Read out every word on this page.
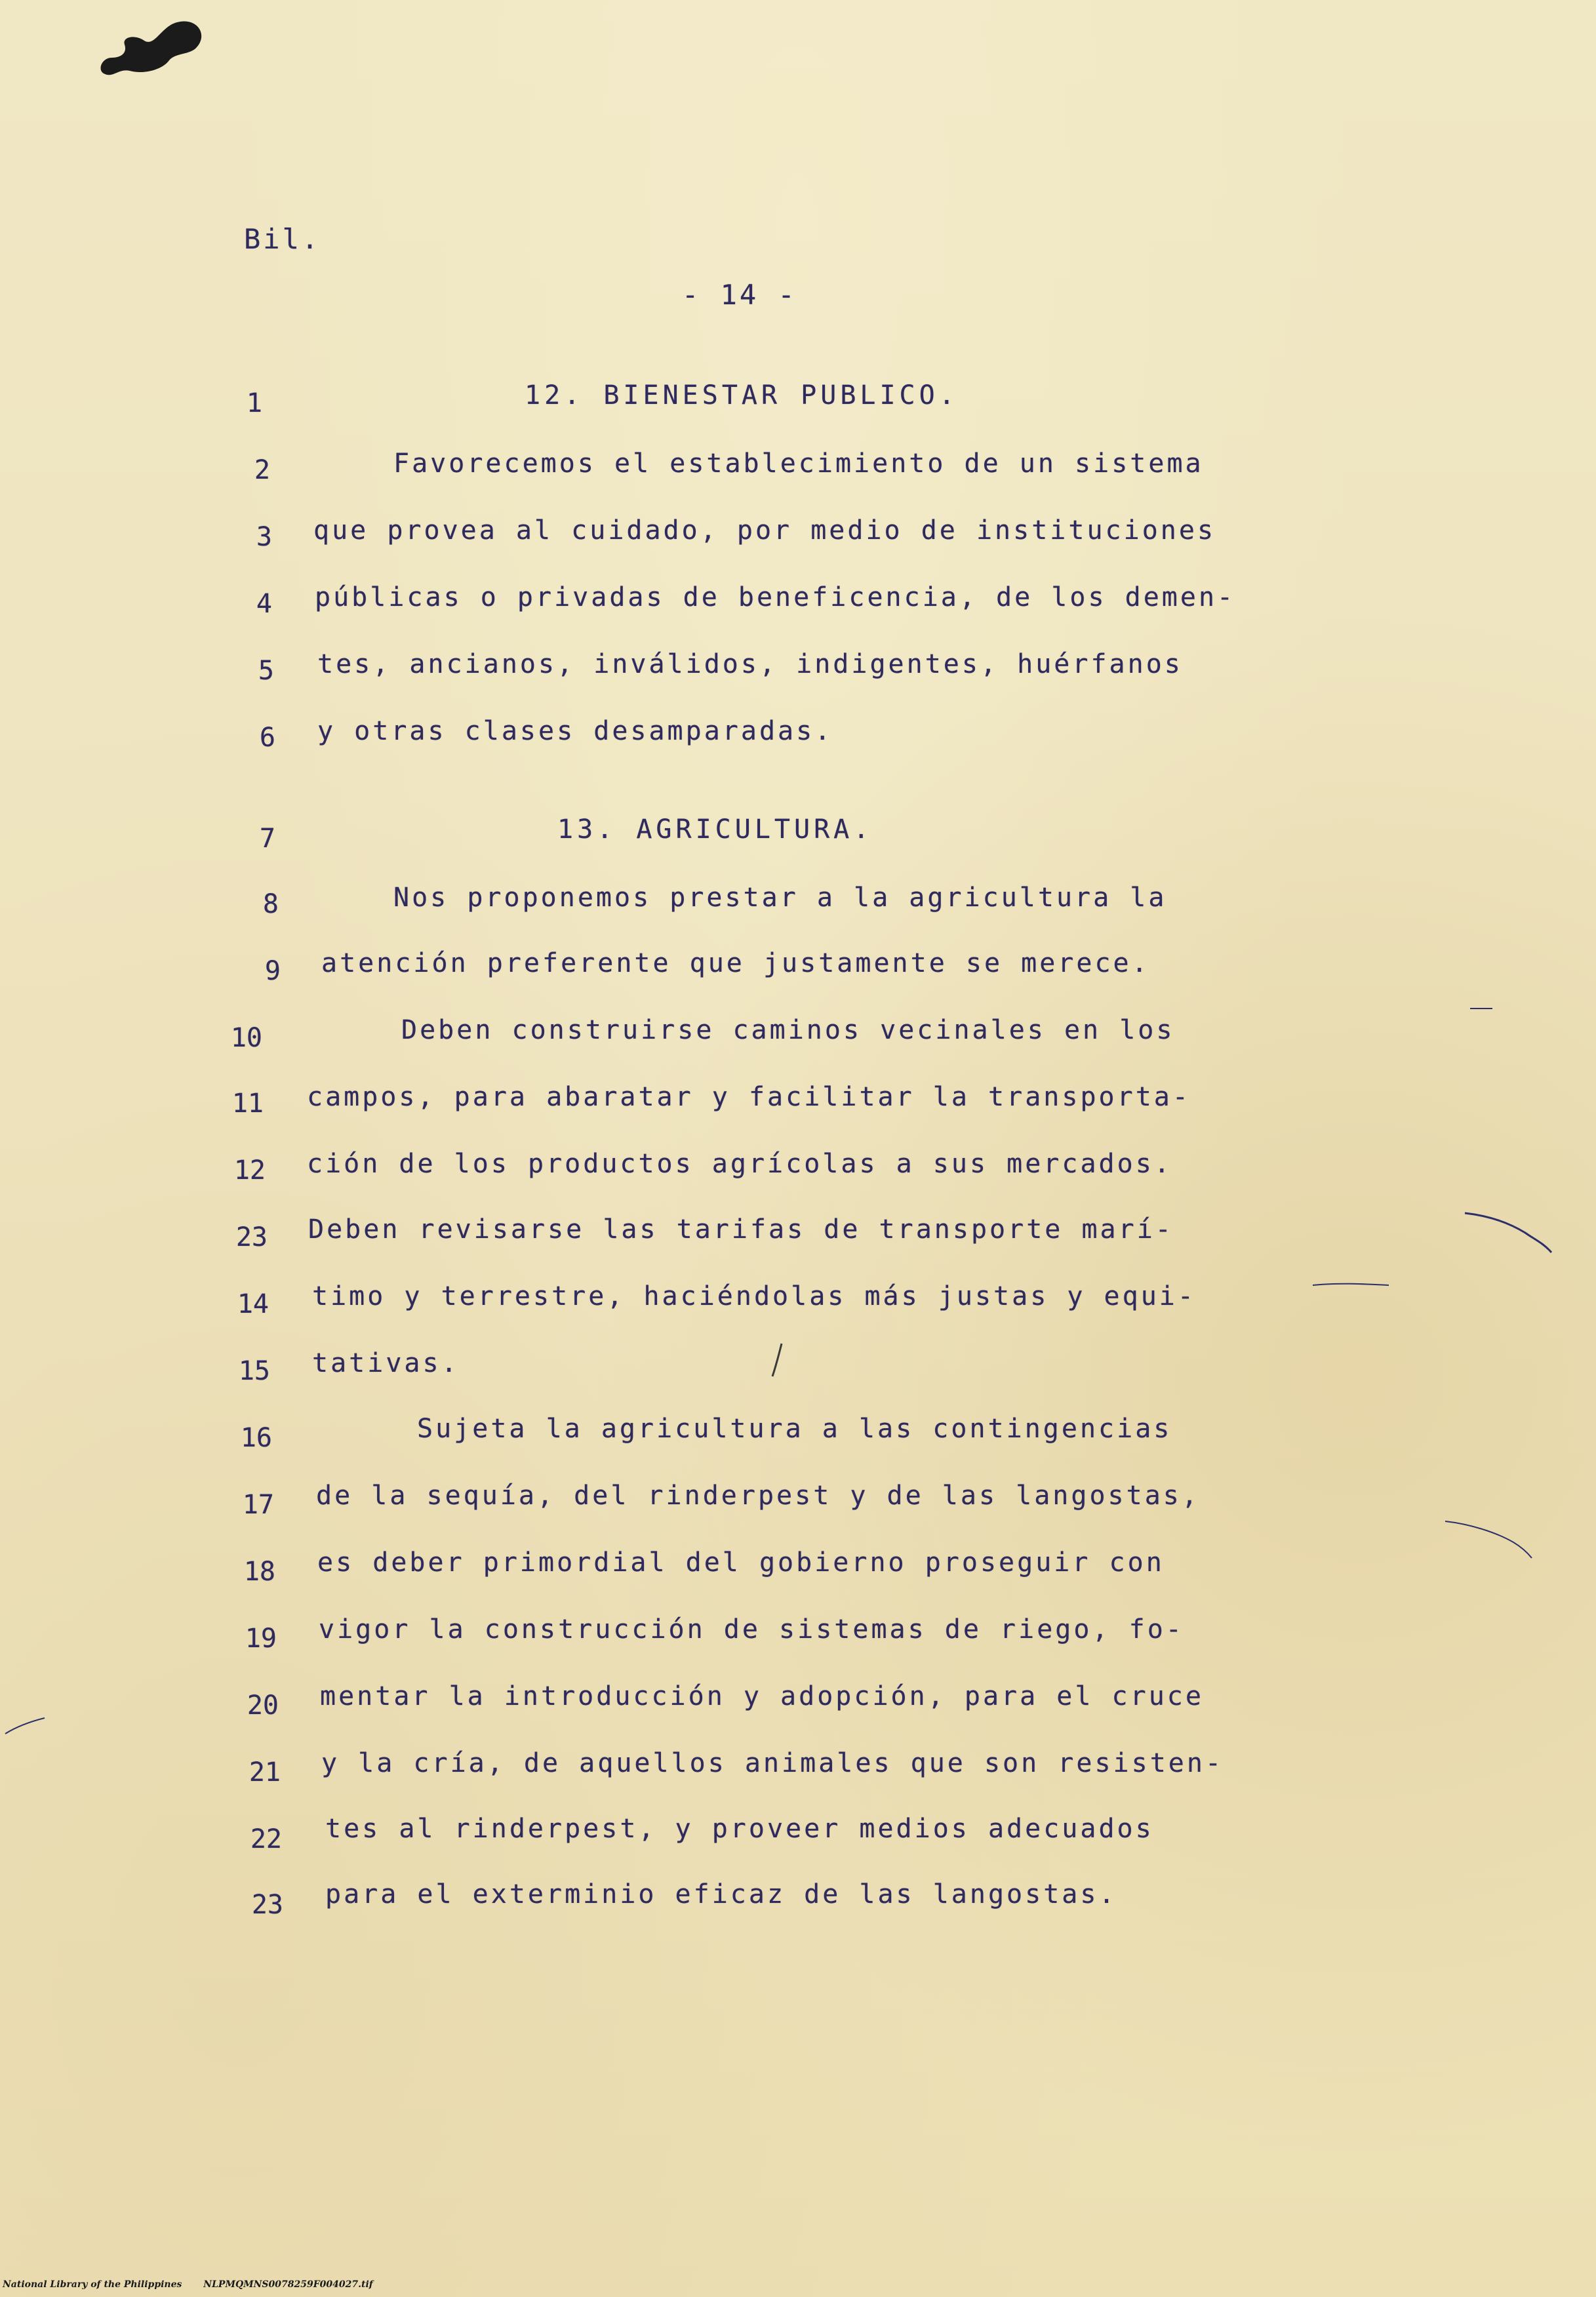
Bil.
- 14 -
1
2
3
4
5
6
7
8
9
10
11
12
23
14
15
16
17
18
19
20
21
22
23
12. BIENESTAR PUBLICO.
Favorecemos el establecimiento de un sistema
que provea al cuidado, por medio de instituciones
públicas o privadas de beneficencia, de los demen-
tes, ancianos, inválidos, indigentes, huérfanos
y otras clases desamparadas.
13. AGRICULTURA.
Nos proponemos prestar a la agricultura la
atención preferente que justamente se merece.
Deben construirse caminos vecinales en los
campos, para abaratar y facilitar la transporta-
ción de los productos agrícolas a sus mercados.
Deben revisarse las tarifas de transporte marí-
timo y terrestre, haciéndolas más justas y equi-
tativas.
Sujeta la agricultura a las contingencias
de la sequía, del rinderpest y de las langostas,
es deber primordial del gobierno proseguir con
vigor la construcción de sistemas de riego, fo-
mentar la introducción y adopción, para el cruce
y la cría, de aquellos animales que son resisten-
tes al rinderpest, y proveer medios adecuados
para el exterminio eficaz de las langostas.
National Library of the Philippines NLPMQMNS0078259F004027.tif
